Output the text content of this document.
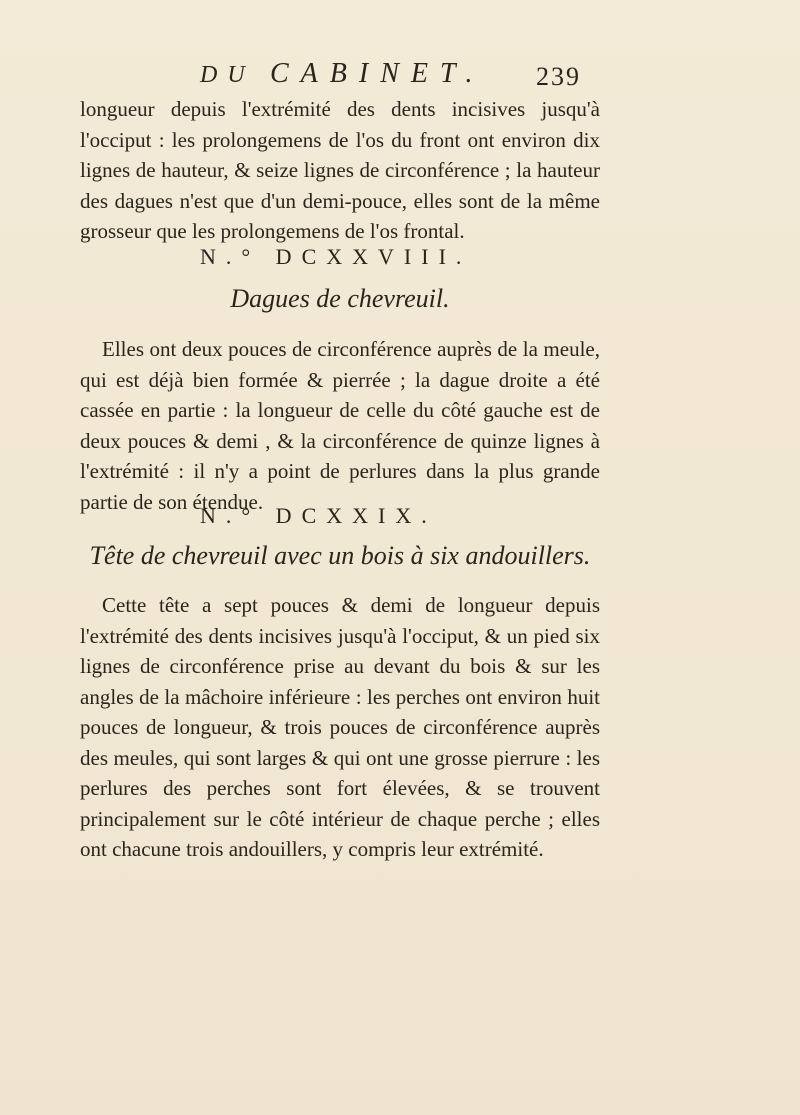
DU CABINET. 239

longueur depuis l'extrémité des dents incisives jusqu'à l'occiput : les prolongemens de l'os du front ont environ dix lignes de hauteur, & seize lignes de circonférence ; la hauteur des dagues n'est que d'un demi-pouce, elles sont de la même grosseur que les prolongemens de l'os frontal.

N.° DCXXVIII.
Dagues de chevreuil.

Elles ont deux pouces de circonférence auprès de la meule, qui est déjà bien formée & pierrée ; la dague droite a été cassée en partie : la longueur de celle du côté gauche est de deux pouces & demi , & la circonférence de quinze lignes à l'extrémité : il n'y a point de perlures dans la plus grande partie de son étendue.

N.° DCXXIX.
Tête de chevreuil avec un bois à six andouillers.

Cette tête a sept pouces & demi de longueur depuis l'extrémité des dents incisives jusqu'à l'occiput, & un pied six lignes de circonférence prise au devant du bois & sur les angles de la mâchoire inférieure : les perches ont environ huit pouces de longueur, & trois pouces de circonférence auprès des meules, qui sont larges & qui ont une grosse pierrure : les perlures des perches sont fort élevées, & se trouvent principalement sur le côté intérieur de chaque perche ; elles ont chacune trois andouillers, y compris leur extrémité.
